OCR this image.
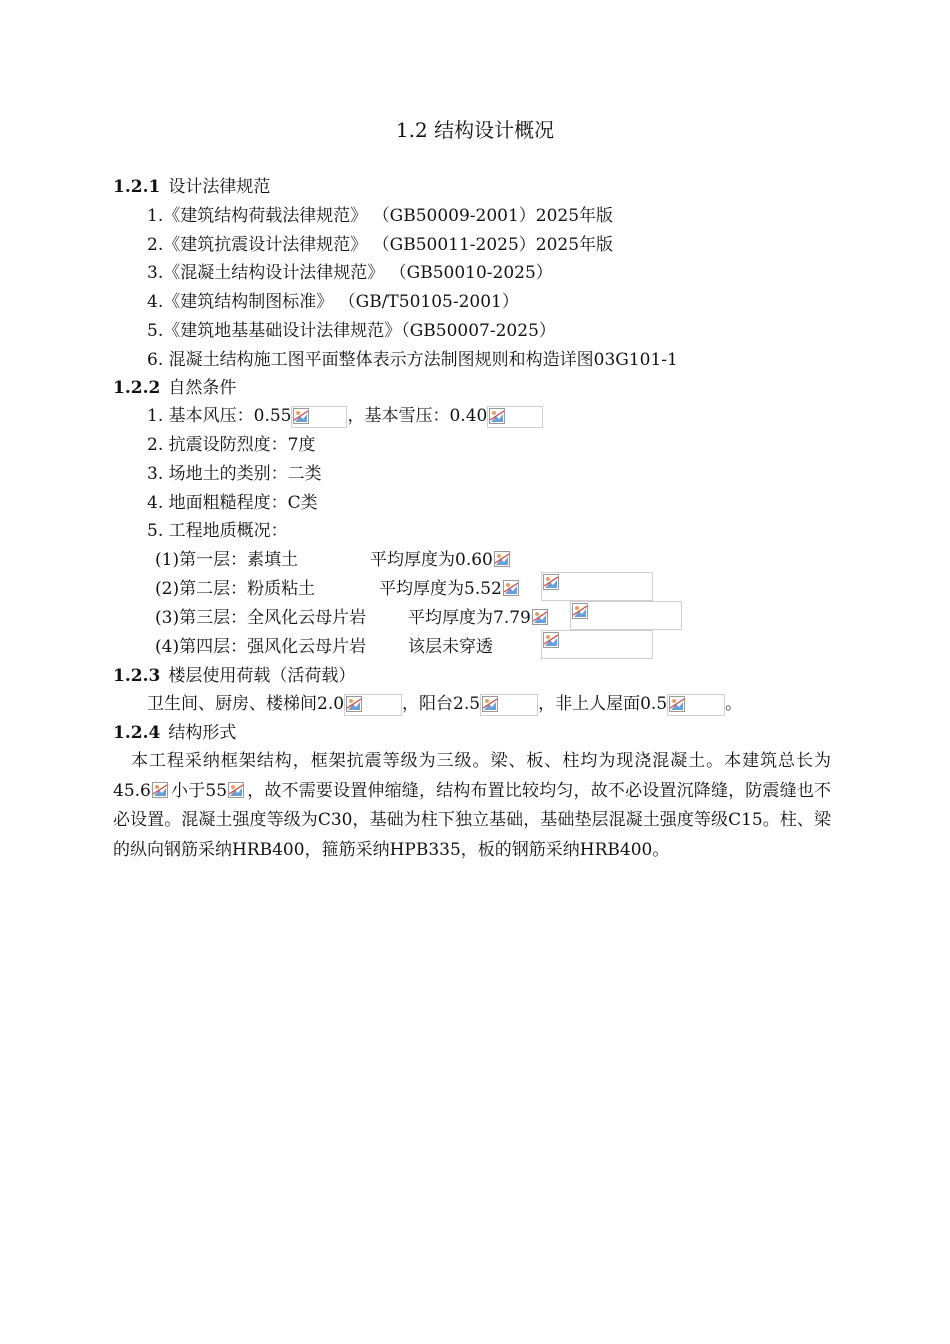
1.2 结构设计概况
1.2.1 设计法律规范
1.《建筑结构荷载法律规范》 （GB50009-2001）2025年版
2.《建筑抗震设计法律规范》 （GB50011-2025）2025年版
3.《混凝土结构设计法律规范》 （GB50010-2025）
4.《建筑结构制图标准》 （GB/T50105-2001）
5.《建筑地基基础设计法律规范》（GB50007-2025）
6. 混凝土结构施工图平面整体表示方法制图规则和构造详图03G101-1
1.2.2 自然条件
1. 基本风压：0.55	，基本雪压：0.40
2. 抗震设防烈度：7度
3. 场地土的类别：二类
4. 地面粗糙程度：C类
5. 工程地质概况：
(1)第一层：素填土	平均厚度为0.60
(2)第二层：粉质粘土	平均厚度为5.52
(3)第三层：全风化云母片岩 平均厚度为7.79
(4)第四层：强风化云母片岩 该层未穿透
1.2.3 楼层使用荷载（活荷载）
卫生间、厨房、楼梯间2.0	，阳台2.5	，非上人屋面0.5	。
1.2.4 结构形式
本工程采纳框架结构，框架抗震等级为三级。梁、板、柱均为现浇混凝土。本建筑总长为45.6 小于55 ，故不需要设置伸缩缝，结构布置比较均匀，故不必设置沉降缝，防震缝也不必设置。混凝土强度等级为C30，基础为柱下独立基础，基础垫层混凝土强度等级C15。柱、梁的纵向钢筋采纳HRB400，箍筋采纳HPB335，板的钢筋采纳HRB400。
